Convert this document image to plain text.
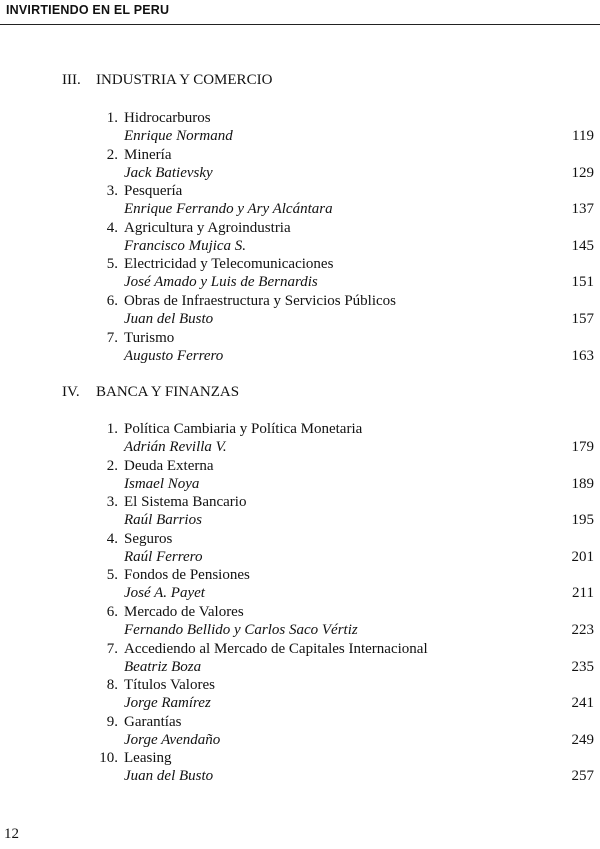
INVIRTIENDO EN EL PERU
III. INDUSTRIA Y COMERCIO
1. Hidrocarburos
Enrique Normand	119
2. Minería
Jack Batievsky	129
3. Pesquería
Enrique Ferrando y Ary Alcántara	137
4. Agricultura y Agroindustria
Francisco Mujica S.	145
5. Electricidad y Telecomunicaciones
José Amado y Luis de Bernardis	151
6. Obras de Infraestructura y Servicios Públicos
Juan del Busto	157
7. Turismo
Augusto Ferrero	163
IV. BANCA Y FINANZAS
1. Política Cambiaria y Política Monetaria
Adrián Revilla V.	179
2. Deuda Externa
Ismael Noya	189
3. El Sistema Bancario
Raúl Barrios	195
4. Seguros
Raúl Ferrero	201
5. Fondos de Pensiones
José A. Payet	211
6. Mercado de Valores
Fernando Bellido y Carlos Saco Vértiz	223
7. Accediendo al Mercado de Capitales Internacional
Beatriz Boza	235
8. Títulos Valores
Jorge Ramírez	241
9. Garantías
Jorge Avendaño	249
10. Leasing
Juan del Busto	257
12
